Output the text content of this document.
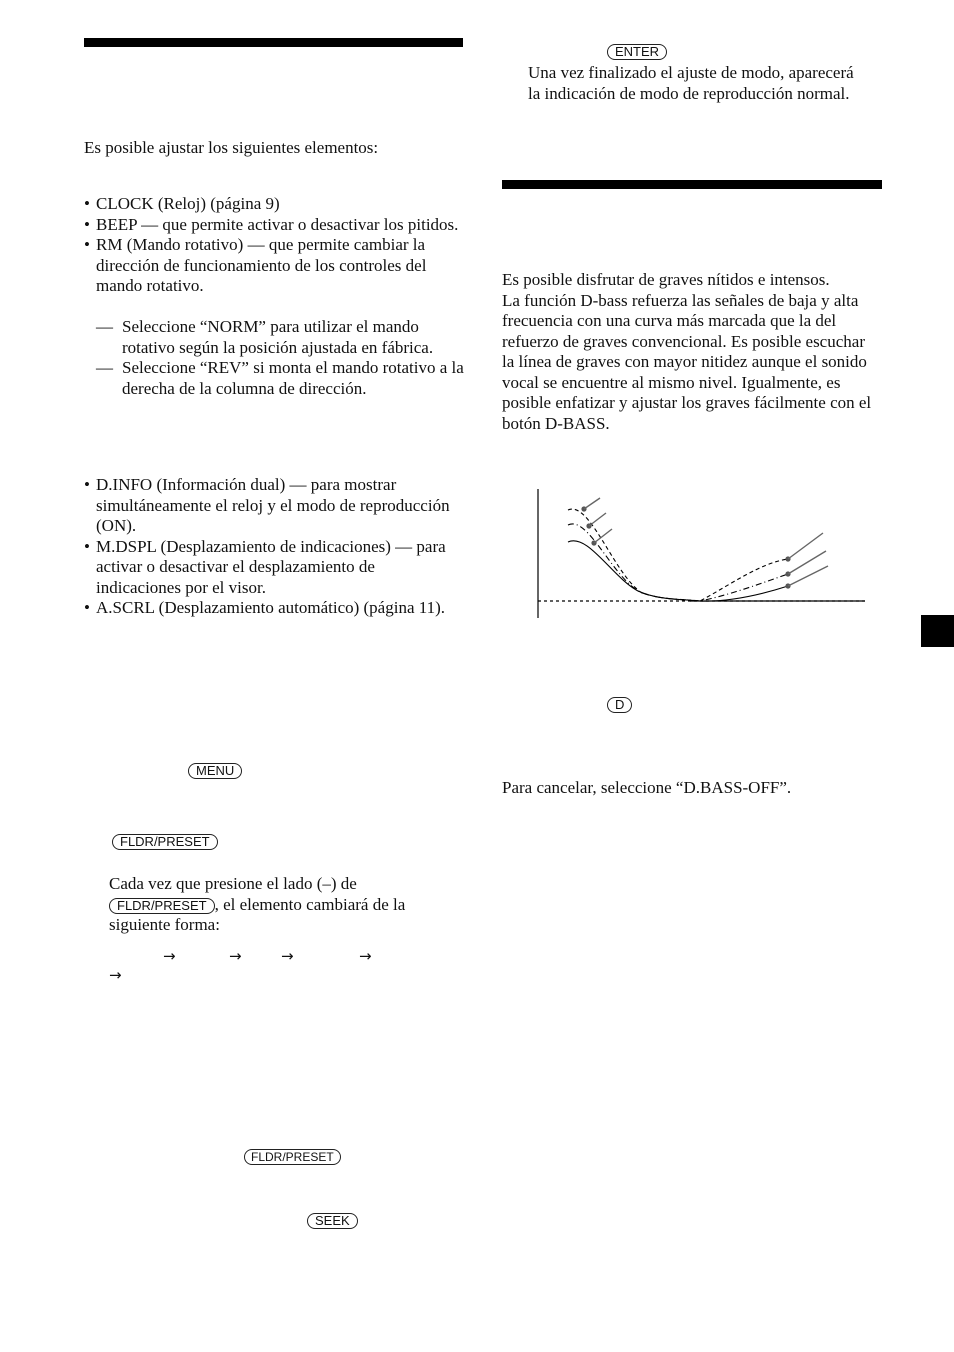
Es posible ajustar los siguientes elementos:

• CLOCK (Reloj) (página 9)
• BEEP — que permite activar o desactivar los pitidos.
• RM (Mando rotativo) — que permite cambiar la dirección de funcionamiento de los controles del mando rotativo.
— Seleccione “NORM” para utilizar el mando rotativo según la posición ajustada en fábrica.
— Seleccione “REV” si monta el mando rotativo a la derecha de la columna de dirección.
• D.INFO (Información dual) — para mostrar simultáneamente el reloj y el modo de reproducción (ON).
• M.DSPL (Desplazamiento de indicaciones) — para activar o desactivar el desplazamiento de indicaciones por el visor.
• A.SCRL (Desplazamiento automático) (página 11).
MENU
FLDR/PRESET
Cada vez que presione el lado (–) de
FLDR/PRESET , el elemento cambiará de la siguiente forma:
→	→	→	→
→
FLDR/PRESET
SEEK
ENTER

Una vez finalizado el ajuste de modo, aparecerá la indicación de modo de reproducción normal.

Es posible disfrutar de graves nítidos e intensos.

La función D-bass refuerza las señales de baja y alta frecuencia con una curva más marcada que la del refuerzo de graves convencional. Es posible escuchar la línea de graves con mayor nitidez aunque el sonido vocal se encuentre al mismo nivel. Igualmente, es posible enfatizar y ajustar los graves fácilmente con el botón D-BASS.

D

Para cancelar, seleccione “D.BASS-OFF”.
